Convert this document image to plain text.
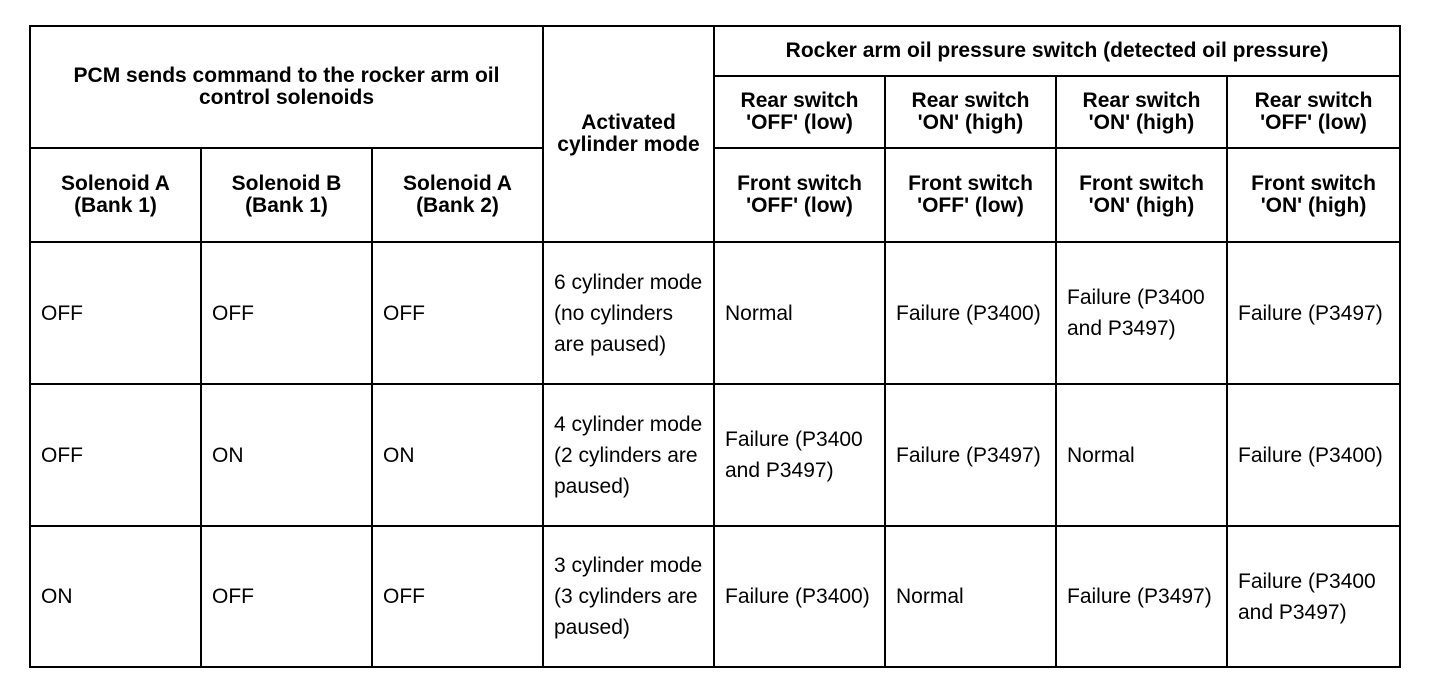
PCM sends command to the rocker arm oil control solenoids			Activated cylinder mode	Rocker arm oil pressure switch (detected oil pressure)			

				Rear switch 'OFF' (low)	Rear switch 'ON' (high)	Rear switch 'ON' (high)	Rear switch 'OFF' (low)

Solenoid A (Bank 1)	Solenoid B (Bank 1)	Solenoid A (Bank 2)		Front switch 'OFF' (low)	Front switch 'OFF' (low)	Front switch 'ON' (high)	Front switch 'ON' (high)

OFF	OFF	OFF	6 cylinder mode (no cylinders are paused)	Normal	Failure (P3400)	Failure (P3400 and P3497)	Failure (P3497)

OFF	ON	ON	4 cylinder mode (2 cylinders are paused)	Failure (P3400 and P3497)	Failure (P3497)	Normal	Failure (P3400)

ON	OFF	OFF	3 cylinder mode (3 cylinders are paused)	Failure (P3400)	Normal	Failure (P3497)	Failure (P3400 and P3497)
